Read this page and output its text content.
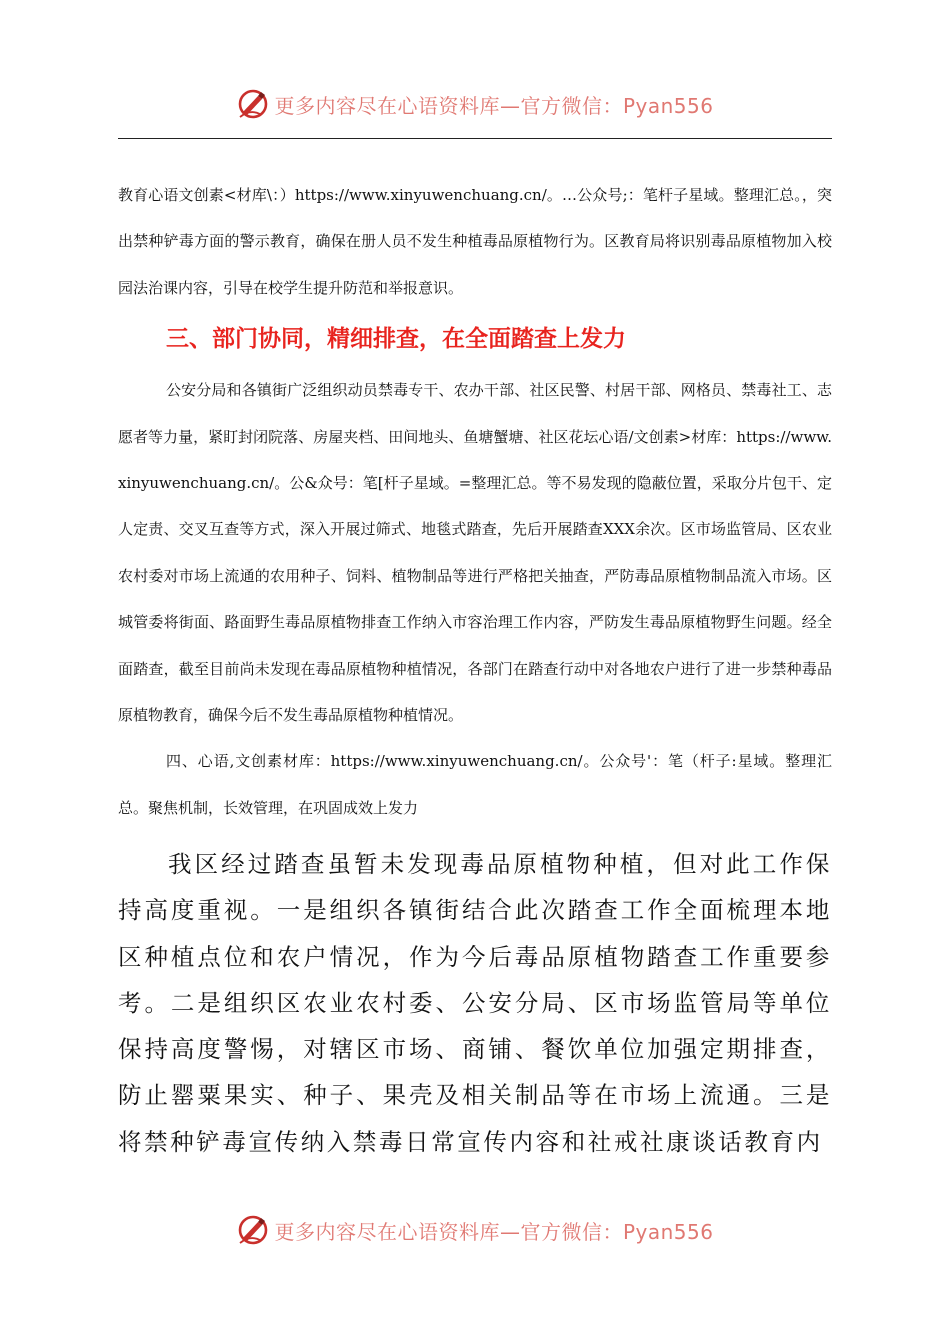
更多内容尽在心语资料库—官方微信：Pyan556

教育心语文创素<材库\：）https://www.xinyuwenchuang.cn/。…公众号;：笔杆子星域。整理汇总。，突出禁种铲毒方面的警示教育，确保在册人员不发生种植毒品原植物行为。区教育局将识别毒品原植物加入校园法治课内容，引导在校学生提升防范和举报意识。

三、部门协同，精细排查，在全面踏查上发力

公安分局和各镇街广泛组织动员禁毒专干、农办干部、社区民警、村居干部、网格员、禁毒社工、志愿者等力量，紧盯封闭院落、房屋夹档、田间地头、鱼塘蟹塘、社区花坛心语/文创素>材库：https://www.xinyuwenchuang.cn/。公&众号：笔[杆子星域。=整理汇总。等不易发现的隐蔽位置，采取分片包干、定人定责、交叉互查等方式，深入开展过筛式、地毯式踏查，先后开展踏查XXX余次。区市场监管局、区农业农村委对市场上流通的农用种子、饲料、植物制品等进行严格把关抽查，严防毒品原植物制品流入市场。区城管委将街面、路面野生毒品原植物排查工作纳入市容治理工作内容，严防发生毒品原植物野生问题。经全面踏查，截至目前尚未发现在毒品原植物种植情况，各部门在踏查行动中对各地农户进行了进一步禁种毒品原植物教育，确保今后不发生毒品原植物种植情况。

四、心语,文创素材库：https://www.xinyuwenchuang.cn/。公众号'：笔（杆子:星域。整理汇总。聚焦机制，长效管理，在巩固成效上发力

我区经过踏查虽暂未发现毒品原植物种植，但对此工作保持高度重视。一是组织各镇街结合此次踏查工作全面梳理本地区种植点位和农户情况，作为今后毒品原植物踏查工作重要参考。二是组织区农业农村委、公安分局、区市场监管局等单位保持高度警惕，对辖区市场、商铺、餐饮单位加强定期排查，防止罂粟果实、种子、果壳及相关制品等在市场上流通。三是将禁种铲毒宣传纳入禁毒日常宣传内容和社戒社康谈话教育内

更多内容尽在心语资料库—官方微信：Pyan556
